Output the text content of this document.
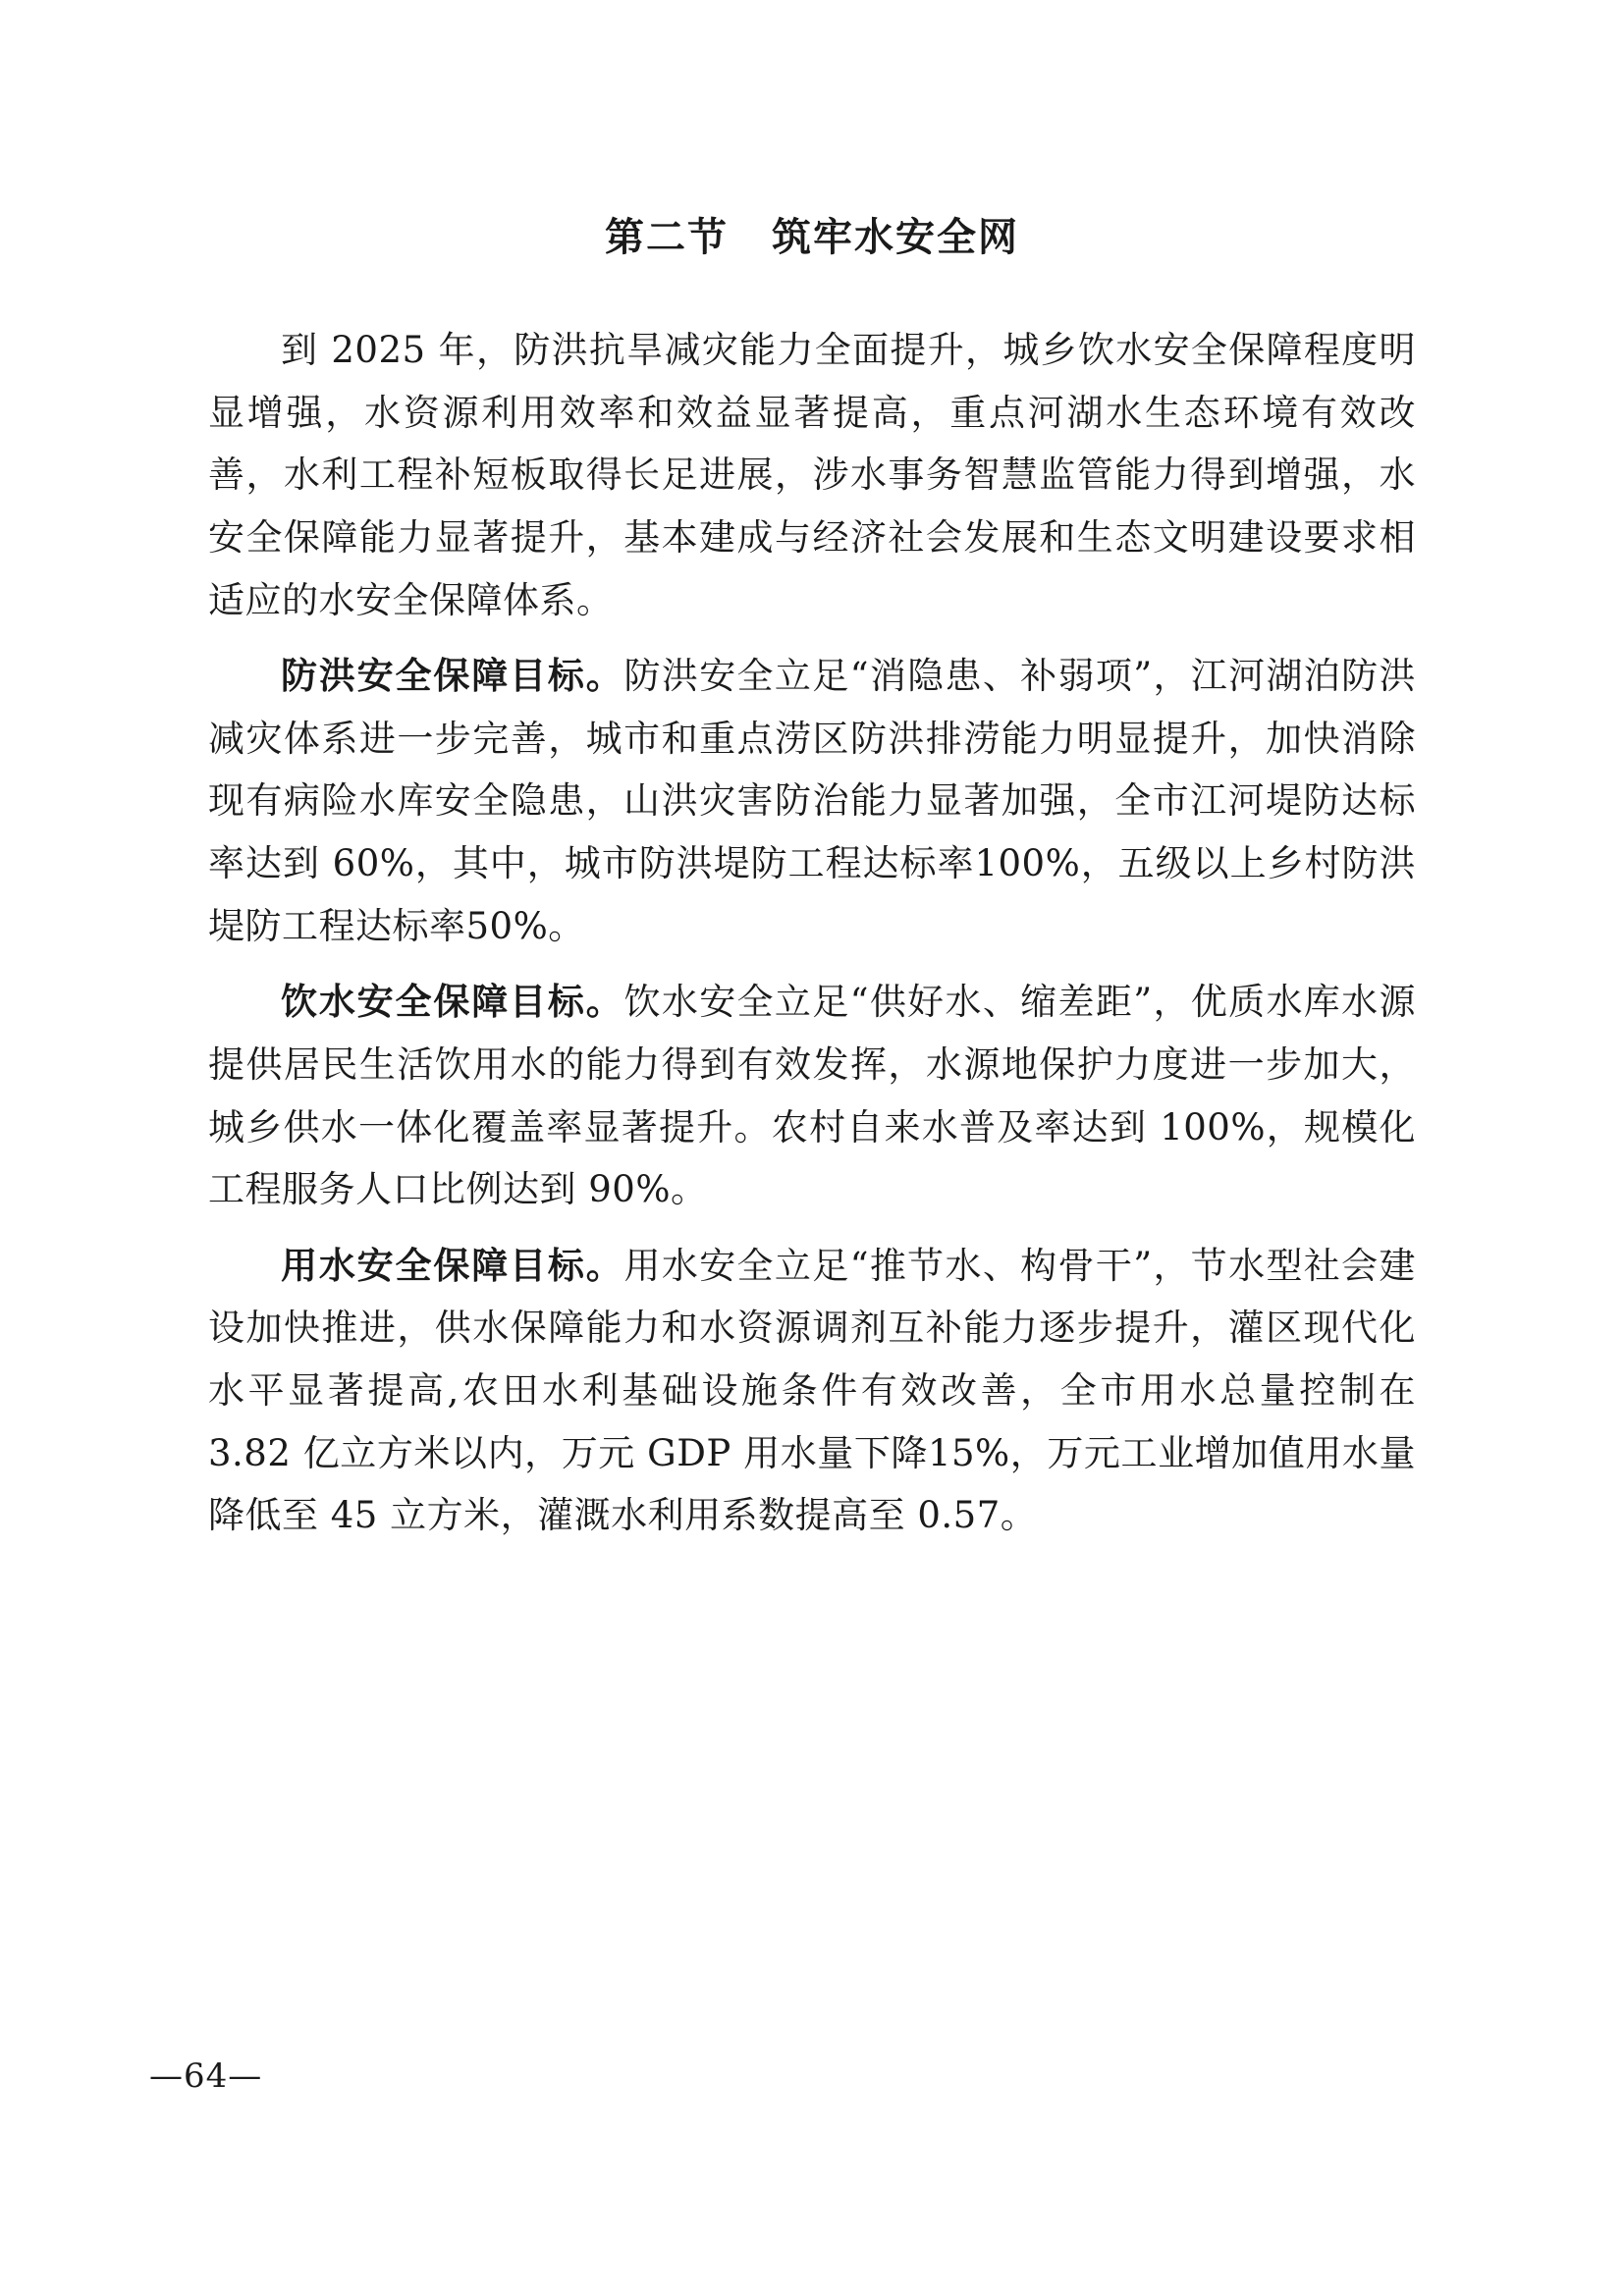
第二节 筑牢水安全网

到 2025 年，防洪抗旱减灾能力全面提升，城乡饮水安全保障程度明显增强，水资源利用效率和效益显著提高，重点河湖水生态环境有效改善，水利工程补短板取得长足进展，涉水事务智慧监管能力得到增强，水安全保障能力显著提升，基本建成与经济社会发展和生态文明建设要求相适应的水安全保障体系。

防洪安全保障目标。防洪安全立足“消隐患、补弱项”，江河湖泊防洪减灾体系进一步完善，城市和重点涝区防洪排涝能力明显提升，加快消除现有病险水库安全隐患，山洪灾害防治能力显著加强，全市江河堤防达标率达到 60%，其中，城市防洪堤防工程达标率100%，五级以上乡村防洪堤防工程达标率50%。

饮水安全保障目标。饮水安全立足“供好水、缩差距”，优质水库水源提供居民生活饮用水的能力得到有效发挥，水源地保护力度进一步加大，城乡供水一体化覆盖率显著提升。农村自来水普及率达到 100%，规模化工程服务人口比例达到 90%。

用水安全保障目标。用水安全立足“推节水、构骨干”，节水型社会建设加快推进，供水保障能力和水资源调剂互补能力逐步提升，灌区现代化水平显著提高,农田水利基础设施条件有效改善，全市用水总量控制在 3.82 亿立方米以内，万元 GDP 用水量下降15%，万元工业增加值用水量降低至 45 立方米，灌溉水利用系数提高至 0.57。

—64—
